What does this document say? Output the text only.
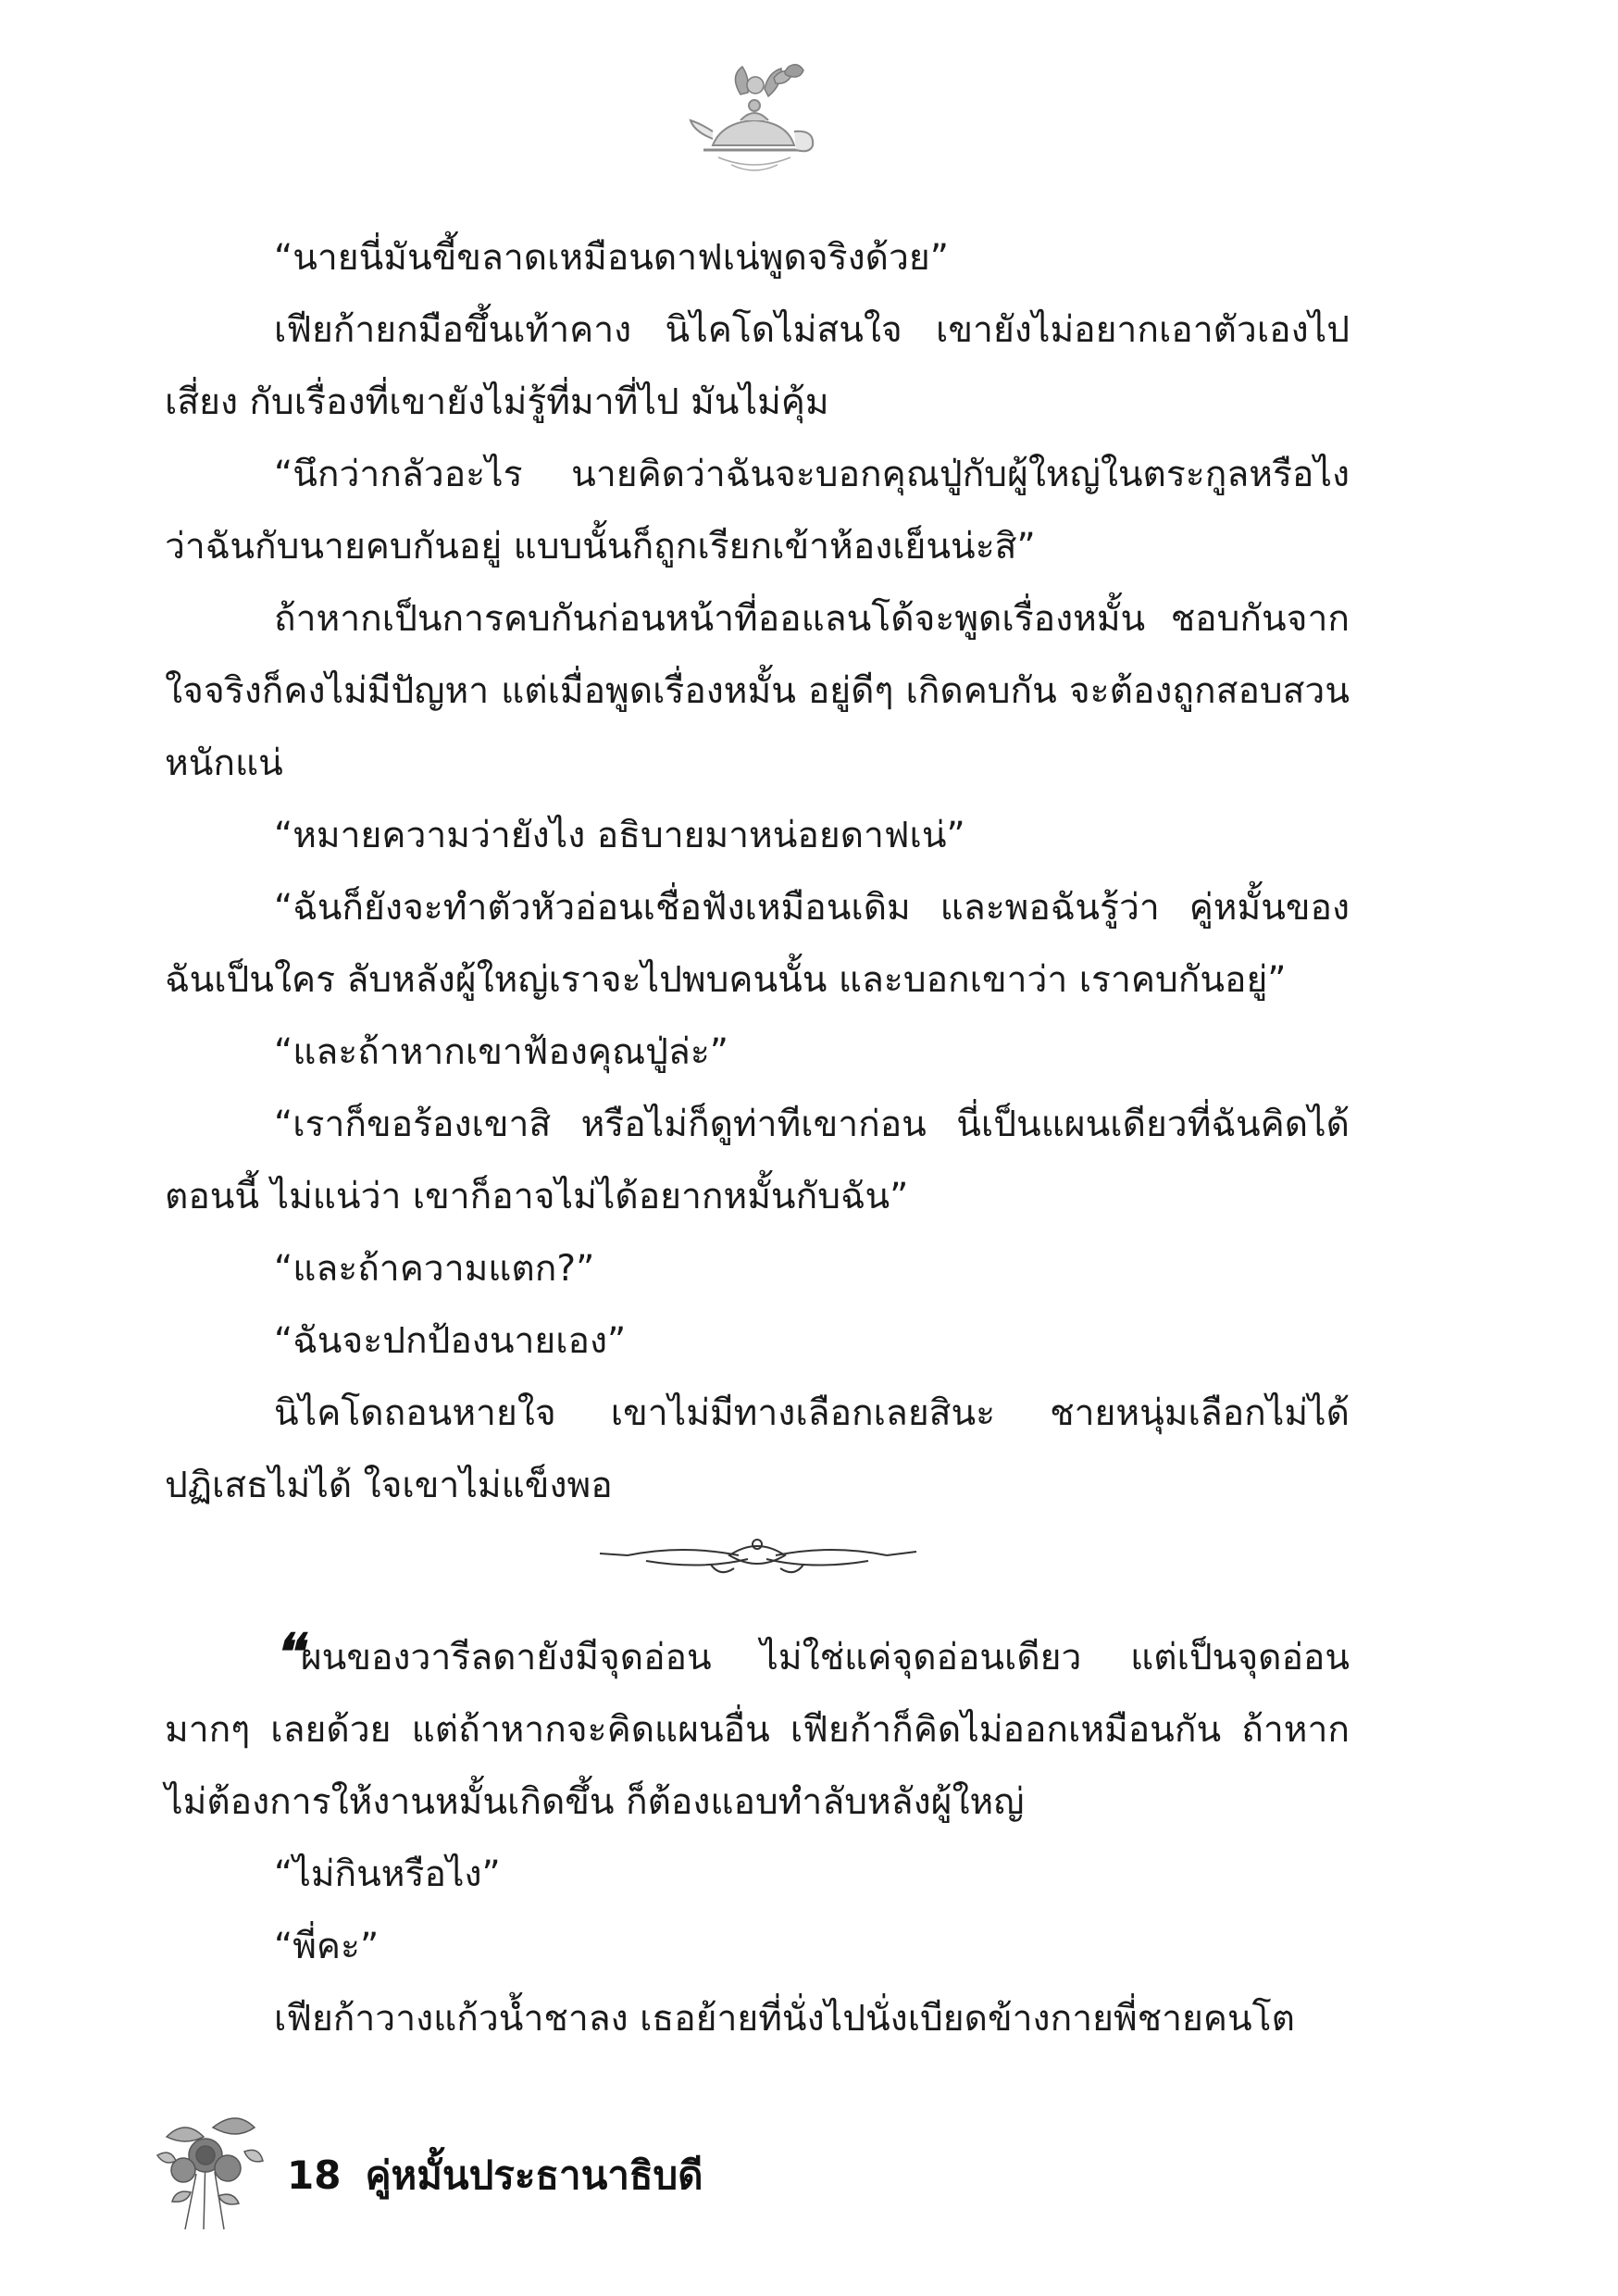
“นายนี่มันขี้ขลาดเหมือนดาฟเน่พูดจริงด้วย”

เฟียก้ายกมือขึ้นเท้าคาง นิไคโดไม่สนใจ เขายังไม่อยากเอาตัวเองไปเสี่ยง กับเรื่องที่เขายังไม่รู้ที่มาที่ไป มันไม่คุ้ม

“นึกว่ากลัวอะไร นายคิดว่าฉันจะบอกคุณปู่กับผู้ใหญ่ในตระกูลหรือไงว่าฉันกับนายคบกันอยู่ แบบนั้นก็ถูกเรียกเข้าห้องเย็นน่ะสิ”

ถ้าหากเป็นการคบกันก่อนหน้าที่ออแลนโด้จะพูดเรื่องหมั้น ชอบกันจากใจจริงก็คงไม่มีปัญหา แต่เมื่อพูดเรื่องหมั้น อยู่ดีๆ เกิดคบกัน จะต้องถูกสอบสวนหนักแน่

“หมายความว่ายังไง อธิบายมาหน่อยดาฟเน่”

“ฉันก็ยังจะทำตัวหัวอ่อนเชื่อฟังเหมือนเดิม และพอฉันรู้ว่า คู่หมั้นของฉันเป็นใคร ลับหลังผู้ใหญ่เราจะไปพบคนนั้น และบอกเขาว่า เราคบกันอยู่”

“และถ้าหากเขาฟ้องคุณปู่ล่ะ”

“เราก็ขอร้องเขาสิ หรือไม่ก็ดูท่าทีเขาก่อน นี่เป็นแผนเดียวที่ฉันคิดได้ตอนนี้ ไม่แน่ว่า เขาก็อาจไม่ได้อยากหมั้นกับฉัน”

“และถ้าความแตก?”

“ฉันจะปกป้องนายเอง”

นิไคโดถอนหายใจ เขาไม่มีทางเลือกเลยสินะ ชายหนุ่มเลือกไม่ได้ปฏิเสธไม่ได้ ใจเขาไม่แข็งพอ

❛❛ผนของวารีลดายังมีจุดอ่อน ไม่ใช่แค่จุดอ่อนเดียว แต่เป็นจุดอ่อนมากๆ เลยด้วย แต่ถ้าหากจะคิดแผนอื่น เฟียก้าก็คิดไม่ออกเหมือนกัน ถ้าหากไม่ต้องการให้งานหมั้นเกิดขึ้น ก็ต้องแอบทำลับหลังผู้ใหญ่

“ไม่กินหรือไง”

“พี่คะ”

เฟียก้าวางแก้วน้ำชาลง เธอย้ายที่นั่งไปนั่งเบียดข้างกายพี่ชายคนโต

18 คู่หมั้นประธานาธิบดี
